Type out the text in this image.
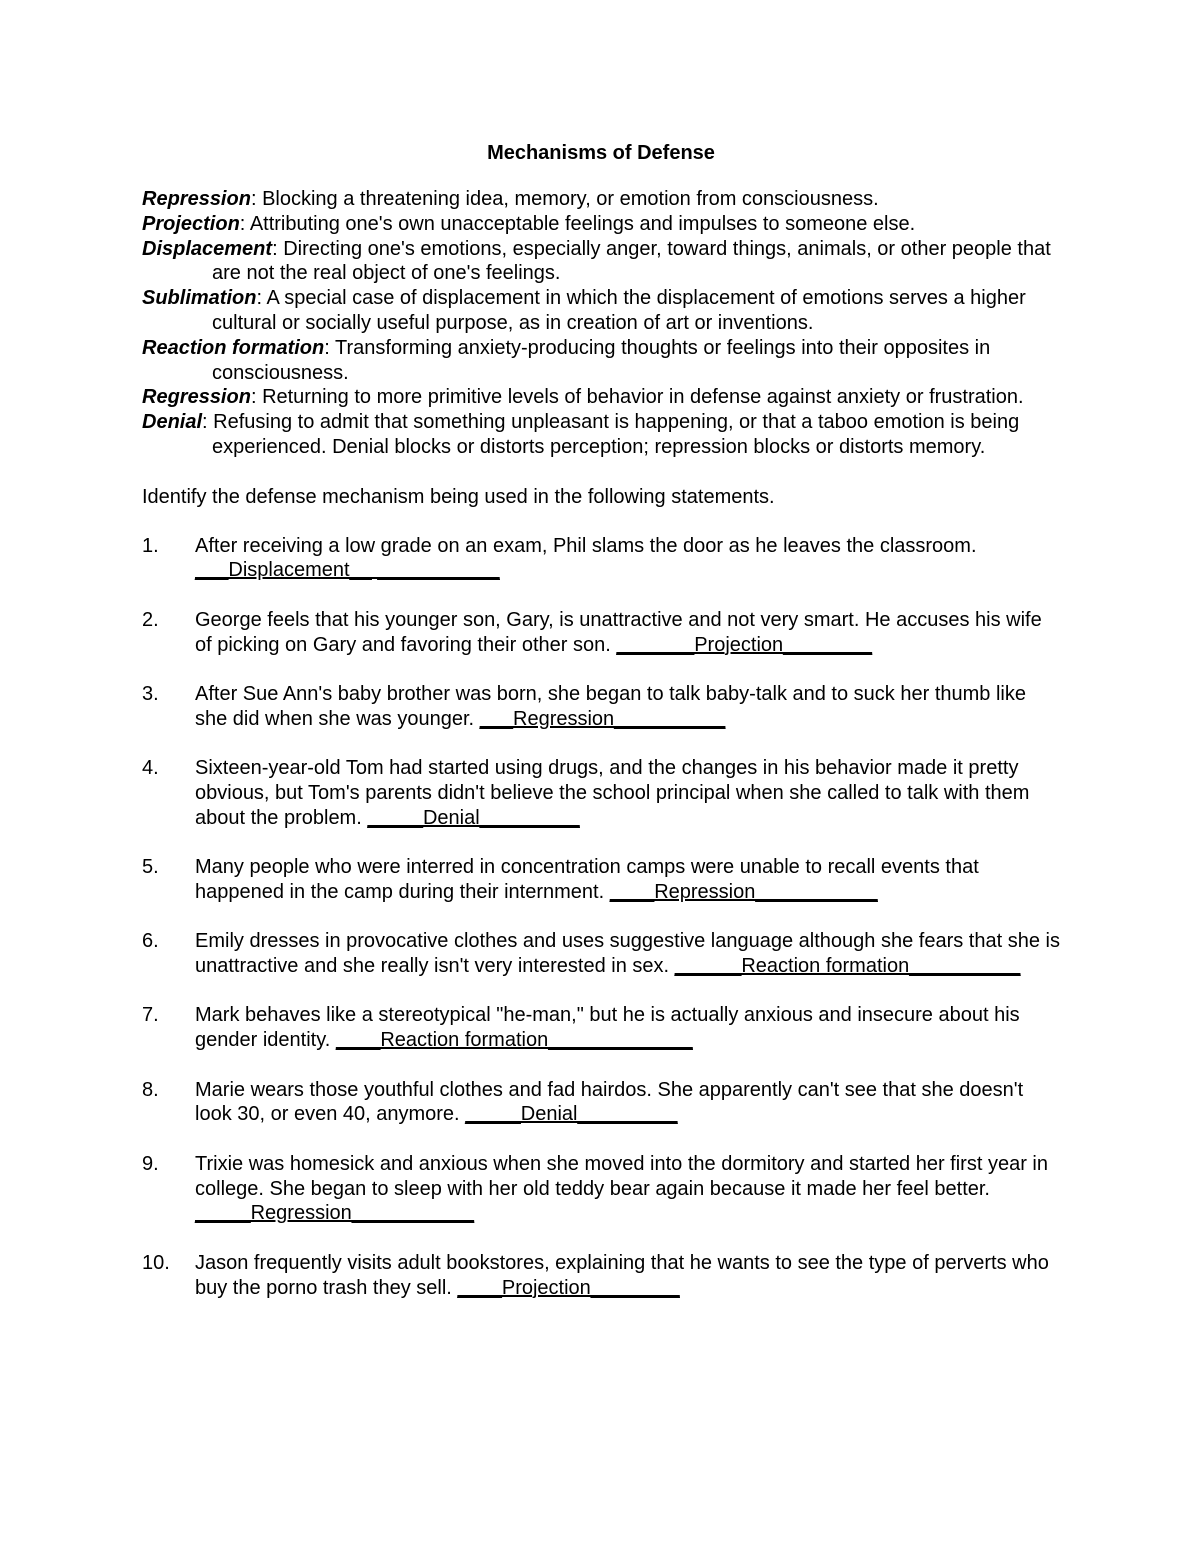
Mechanisms of Defense

Repression: Blocking a threatening idea, memory, or emotion from consciousness.

Projection: Attributing one's own unacceptable feelings and impulses to someone else.

Displacement: Directing one's emotions, especially anger, toward things, animals, or other people that are not the real object of one's feelings.

Sublimation: A special case of displacement in which the displacement of emotions serves a higher cultural or socially useful purpose, as in creation of art or inventions.

Reaction formation: Transforming anxiety-producing thoughts or feelings into their opposites in consciousness.

Regression: Returning to more primitive levels of behavior in defense against anxiety or frustration.

Denial: Refusing to admit that something unpleasant is happening, or that a taboo emotion is being experienced. Denial blocks or distorts perception; repression blocks or distorts memory.

Identify the defense mechanism being used in the following statements.

1. After receiving a low grade on an exam, Phil slams the door as he leaves the classroom. ___Displacement__ ___________
2. George feels that his younger son, Gary, is unattractive and not very smart. He accuses his wife of picking on Gary and favoring their other son. _______Projection________
3. After Sue Ann's baby brother was born, she began to talk baby-talk and to suck her thumb like she did when she was younger. ___Regression__________
4. Sixteen-year-old Tom had started using drugs, and the changes in his behavior made it pretty obvious, but Tom's parents didn't believe the school principal when she called to talk with them about the problem. _____Denial_________
5. Many people who were interred in concentration camps were unable to recall events that happened in the camp during their internment. ____Repression___________
6. Emily dresses in provocative clothes and uses suggestive language although she fears that she is unattractive and she really isn't very interested in sex. ______Reaction formation__________
7. Mark behaves like a stereotypical "he-man," but he is actually anxious and insecure about his gender identity. ____Reaction formation_____________
8. Marie wears those youthful clothes and fad hairdos. She apparently can't see that she doesn't look 30, or even 40, anymore. _____Denial_________
9. Trixie was homesick and anxious when she moved into the dormitory and started her first year in college. She began to sleep with her old teddy bear again because it made her feel better. _____Regression___________
10. Jason frequently visits adult bookstores, explaining that he wants to see the type of perverts who buy the porno trash they sell. ____Projection________
